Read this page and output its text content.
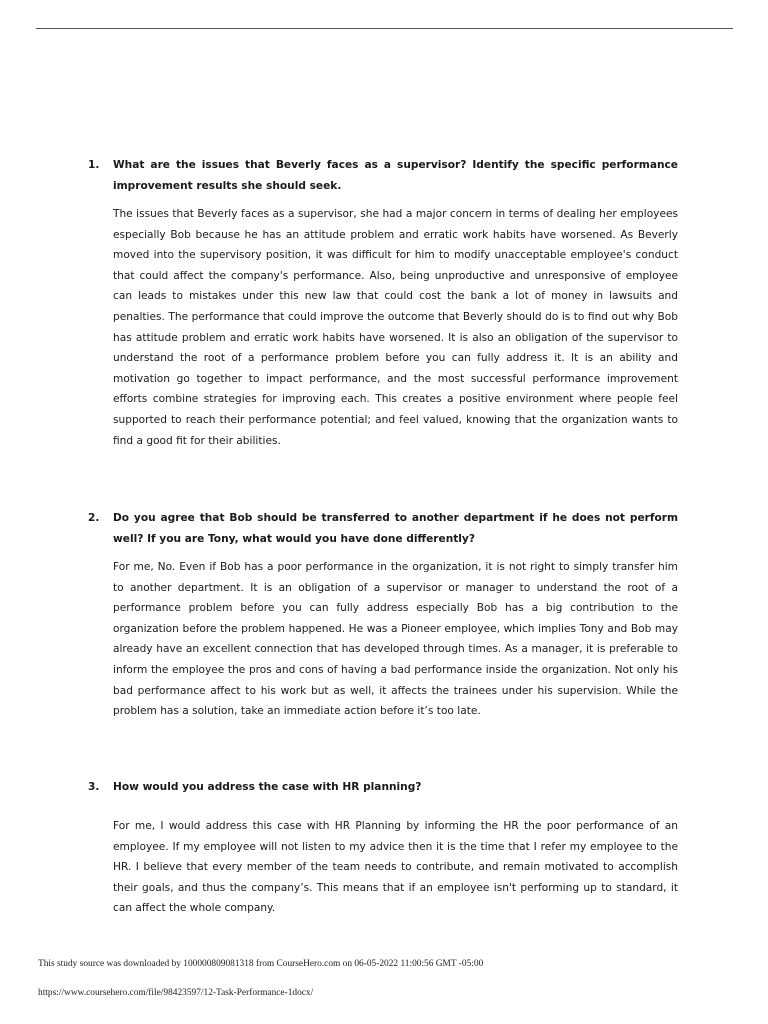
1.	What are the issues that Beverly faces as a supervisor? Identify the specific performance improvement results she should seek.
The issues that Beverly faces as a supervisor, she had a major concern in terms of dealing her employees especially Bob because he has an attitude problem and erratic work habits have worsened. As Beverly moved into the supervisory position, it was difficult for him to modify unacceptable employee's conduct that could affect the company's performance. Also, being unproductive and unresponsive of employee can leads to mistakes under this new law that could cost the bank a lot of money in lawsuits and penalties. The performance that could improve the outcome that Beverly should do is to find out why Bob has attitude problem and erratic work habits have worsened. It is also an obligation of the supervisor to understand the root of a performance problem before you can fully address it. It is an ability and motivation go together to impact performance, and the most successful performance improvement efforts combine strategies for improving each. This creates a positive environment where people feel supported to reach their performance potential; and feel valued, knowing that the organization wants to find a good fit for their abilities.
2.	Do you agree that Bob should be transferred to another department if he does not perform well? If you are Tony, what would you have done differently?
For me, No. Even if Bob has a poor performance in the organization, it is not right to simply transfer him to another department. It is an obligation of a supervisor or manager to understand the root of a performance problem before you can fully address especially Bob has a big contribution to the organization before the problem happened. He was a Pioneer employee, which implies Tony and Bob may already have an excellent connection that has developed through times. As a manager, it is preferable to inform the employee the pros and cons of having a bad performance inside the organization. Not only his bad performance affect to his work but as well, it affects the trainees under his supervision. While the problem has a solution, take an immediate action before it’s too late.
3.	How would you address the case with HR planning?
For me, I would address this case with HR Planning by informing the HR the poor performance of an employee. If my employee will not listen to my advice then it is the time that I refer my employee to the HR. I believe that every member of the team needs to contribute, and remain motivated to accomplish their goals, and thus the company’s. This means that if an employee isn't performing up to standard, it can affect the whole company.
This study source was downloaded by 100000809081318 from CourseHero.com on 06-05-2022 11:00:56 GMT -05:00
https://www.coursehero.com/file/98423597/12-Task-Performance-1docx/
